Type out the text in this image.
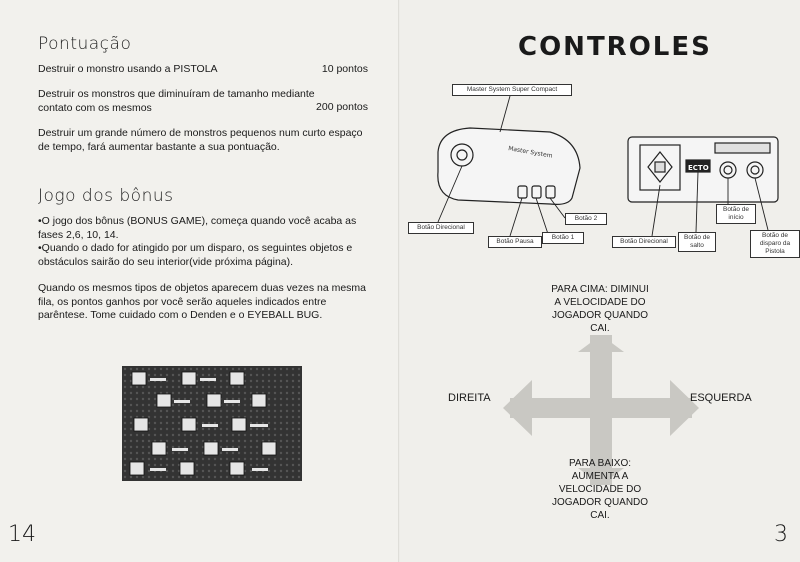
Pontuação
Destruir o monstro usando a PISTOLA	10 pontos
Destruir os monstros que diminuíram de tamanho mediante contato com os mesmos	200 pontos
Destruir um grande número de monstros pequenos num curto espaço de tempo, fará aumentar bastante a sua pontuação.
Jogo dos bônus
•O jogo dos bônus (BONUS GAME), começa quando você acaba as fases 2,6, 10, 14.
•Quando o dado for atingido por um disparo, os seguintes objetos e obstáculos sairão do seu interior(vide próxima página).
Quando os mesmos tipos de objetos aparecem duas vezes na mesma fila, os pontos ganhos por você serão aqueles indicados entre parêntese. Tome cuidado com o Denden e o EYEBALL BUG.
14
CONTROLES
Master System
ECTO
Master System Super Compact
Botão Direcional
Botão Pausa
Botão 1
Botão 2
Botão Direcional
Botão de salto
Botão de início
Botão de disparo da Pistola
PARA CIMA: DIMINUI A VELOCIDADE DO JOGADOR QUANDO CAI.
PARA BAIXO: AUMENTA A VELOCIDADE DO JOGADOR QUANDO CAI.
DIREITA	ESQUERDA
3
